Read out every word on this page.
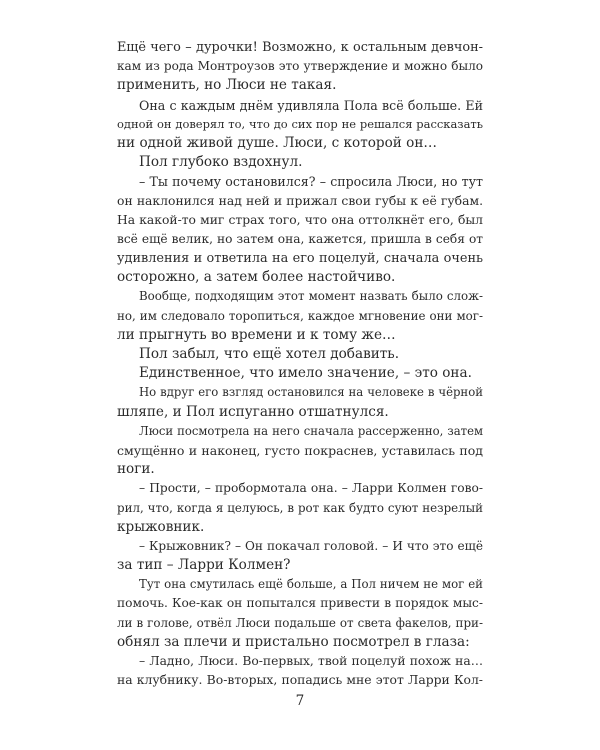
Ещё чего – дурочки! Возможно, к остальным девчон-
кам из рода Монтроузов это утверждение и можно было
применить, но Люси не такая.
Она с каждым днём удивляла Пола всё больше. Ей
одной он доверял то, что до сих пор не решался рассказать
ни одной живой душе. Люси, с которой он…
Пол глубоко вздохнул.
– Ты почему остановился? – спросила Люси, но тут
он наклонился над ней и прижал свои губы к её губам.
На какой-то миг страх того, что она оттолкнёт его, был
всё ещё велик, но затем она, кажется, пришла в себя от
удивления и ответила на его поцелуй, сначала очень
осторожно, а затем более настойчиво.
Вообще, подходящим этот момент назвать было слож-
но, им следовало торопиться, каждое мгновение они мог-
ли прыгнуть во времени и к тому же…
Пол забыл, что ещё хотел добавить.
Единственное, что имело значение, – это она.
Но вдруг его взгляд остановился на человеке в чёрной
шляпе, и Пол испуганно отшатнулся.
Люси посмотрела на него сначала рассерженно, затем
смущённо и наконец, густо покраснев, уставилась под
ноги.
– Прости, – пробормотала она. – Ларри Колмен гово-
рил, что, когда я целуюсь, в рот как будто суют незрелый
крыжовник.
– Крыжовник? – Он покачал головой. – И что это ещё
за тип – Ларри Колмен?
Тут она смутилась ещё больше, а Пол ничем не мог ей
помочь. Кое-как он попытался привести в порядок мыс-
ли в голове, отвёл Люси подальше от света факелов, при-
обнял за плечи и пристально посмотрел в глаза:
– Ладно, Люси. Во-первых, твой поцелуй похож на…
на клубнику. Во-вторых, попадись мне этот Ларри Кол-
7
